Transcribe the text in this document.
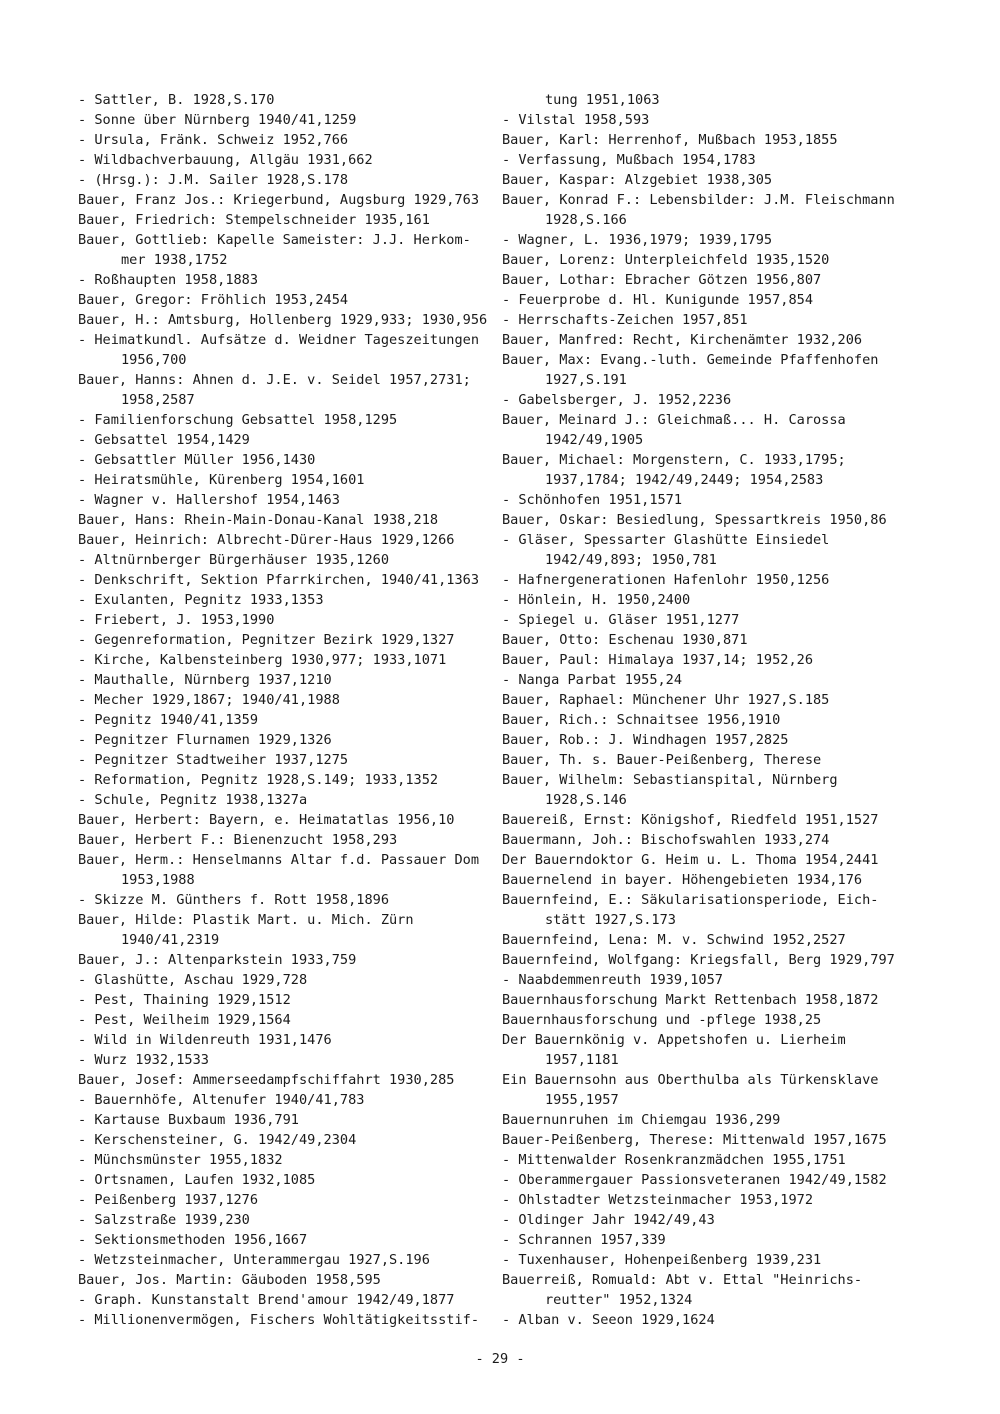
- Sattler, B. 1928,S.170
- Sonne über Nürnberg 1940/41,1259
- Ursula, Fränk. Schweiz 1952,766
- Wildbachverbauung, Allgäu 1931,662
- (Hrsg.): J.M. Sailer 1928,S.178
Bauer, Franz Jos.: Kriegerbund, Augsburg 1929,763
Bauer, Friedrich: Stempelschneider 1935,161
Bauer, Gottlieb: Kapelle Sameister: J.J. Herkom-
mer 1938,1752
- Roßhaupten 1958,1883
Bauer, Gregor: Fröhlich 1953,2454
Bauer, H.: Amtsburg, Hollenberg 1929,933; 1930,956
- Heimatkundl. Aufsätze d. Weidner Tageszeitungen
1956,700
Bauer, Hanns: Ahnen d. J.E. v. Seidel 1957,2731;
1958,2587
- Familienforschung Gebsattel 1958,1295
- Gebsattel 1954,1429
- Gebsattler Müller 1956,1430
- Heiratsmühle, Kürenberg 1954,1601
- Wagner v. Hallershof 1954,1463
Bauer, Hans: Rhein-Main-Donau-Kanal 1938,218
Bauer, Heinrich: Albrecht-Dürer-Haus 1929,1266
- Altnürnberger Bürgerhäuser 1935,1260
- Denkschrift, Sektion Pfarrkirchen, 1940/41,1363
- Exulanten, Pegnitz 1933,1353
- Friebert, J. 1953,1990
- Gegenreformation, Pegnitzer Bezirk 1929,1327
- Kirche, Kalbensteinberg 1930,977; 1933,1071
- Mauthalle, Nürnberg 1937,1210
- Mecher 1929,1867; 1940/41,1988
- Pegnitz 1940/41,1359
- Pegnitzer Flurnamen 1929,1326
- Pegnitzer Stadtweiher 1937,1275
- Reformation, Pegnitz 1928,S.149; 1933,1352
- Schule, Pegnitz 1938,1327a
Bauer, Herbert: Bayern, e. Heimatatlas 1956,10
Bauer, Herbert F.: Bienenzucht 1958,293
Bauer, Herm.: Henselmanns Altar f.d. Passauer Dom
1953,1988
- Skizze M. Günthers f. Rott 1958,1896
Bauer, Hilde: Plastik Mart. u. Mich. Zürn
1940/41,2319
Bauer, J.: Altenparkstein 1933,759
- Glashütte, Aschau 1929,728
- Pest, Thaining 1929,1512
- Pest, Weilheim 1929,1564
- Wild in Wildenreuth 1931,1476
- Wurz 1932,1533
Bauer, Josef: Ammerseedampfschiffahrt 1930,285
- Bauernhöfe, Altenufer 1940/41,783
- Kartause Buxbaum 1936,791
- Kerschensteiner, G. 1942/49,2304
- Münchsmünster 1955,1832
- Ortsnamen, Laufen 1932,1085
- Peißenberg 1937,1276
- Salzstraße 1939,230
- Sektionsmethoden 1956,1667
- Wetzsteinmacher, Unterammergau 1927,S.196
Bauer, Jos. Martin: Gäuboden 1958,595
- Graph. Kunstanstalt Brend'amour 1942/49,1877
- Millionenvermögen, Fischers Wohltätigkeitsstif-
tung 1951,1063
- Vilstal 1958,593
Bauer, Karl: Herrenhof, Mußbach 1953,1855
- Verfassung, Mußbach 1954,1783
Bauer, Kaspar: Alzgebiet 1938,305
Bauer, Konrad F.: Lebensbilder: J.M. Fleischmann
1928,S.166
- Wagner, L. 1936,1979; 1939,1795
Bauer, Lorenz: Unterpleichfeld 1935,1520
Bauer, Lothar: Ebracher Götzen 1956,807
- Feuerprobe d. Hl. Kunigunde 1957,854
- Herrschafts-Zeichen 1957,851
Bauer, Manfred: Recht, Kirchenämter 1932,206
Bauer, Max: Evang.-luth. Gemeinde Pfaffenhofen
1927,S.191
- Gabelsberger, J. 1952,2236
Bauer, Meinard J.: Gleichmaß... H. Carossa
1942/49,1905
Bauer, Michael: Morgenstern, C. 1933,1795;
1937,1784; 1942/49,2449; 1954,2583
- Schönhofen 1951,1571
Bauer, Oskar: Besiedlung, Spessartkreis 1950,86
- Gläser, Spessarter Glashütte Einsiedel
1942/49,893; 1950,781
- Hafnergenerationen Hafenlohr 1950,1256
- Hönlein, H. 1950,2400
- Spiegel u. Gläser 1951,1277
Bauer, Otto: Eschenau 1930,871
Bauer, Paul: Himalaya 1937,14; 1952,26
- Nanga Parbat 1955,24
Bauer, Raphael: Münchener Uhr 1927,S.185
Bauer, Rich.: Schnaitsee 1956,1910
Bauer, Rob.: J. Windhagen 1957,2825
Bauer, Th. s. Bauer-Peißenberg, Therese
Bauer, Wilhelm: Sebastianspital, Nürnberg
1928,S.146
Bauereiß, Ernst: Königshof, Riedfeld 1951,1527
Bauermann, Joh.: Bischofswahlen 1933,274
Der Bauerndoktor G. Heim u. L. Thoma 1954,2441
Bauernelend in bayer. Höhengebieten 1934,176
Bauernfeind, E.: Säkularisationsperiode, Eich-
stätt 1927,S.173
Bauernfeind, Lena: M. v. Schwind 1952,2527
Bauernfeind, Wolfgang: Kriegsfall, Berg 1929,797
- Naabdemmenreuth 1939,1057
Bauernhausforschung Markt Rettenbach 1958,1872
Bauernhausforschung und -pflege 1938,25
Der Bauernkönig v. Appetshofen u. Lierheim
1957,1181
Ein Bauernsohn aus Oberthulba als Türkensklave
1955,1957
Bauernunruhen im Chiemgau 1936,299
Bauer-Peißenberg, Therese: Mittenwald 1957,1675
- Mittenwalder Rosenkranzmädchen 1955,1751
- Oberammergauer Passionsveteranen 1942/49,1582
- Ohlstadter Wetzsteinmacher 1953,1972
- Oldinger Jahr 1942/49,43
- Schrannen 1957,339
- Tuxenhauser, Hohenpeißenberg 1939,231
Bauerreiß, Romuald: Abt v. Ettal "Heinrichs-
reutter" 1952,1324
- Alban v. Seeon 1929,1624
- 29 -
